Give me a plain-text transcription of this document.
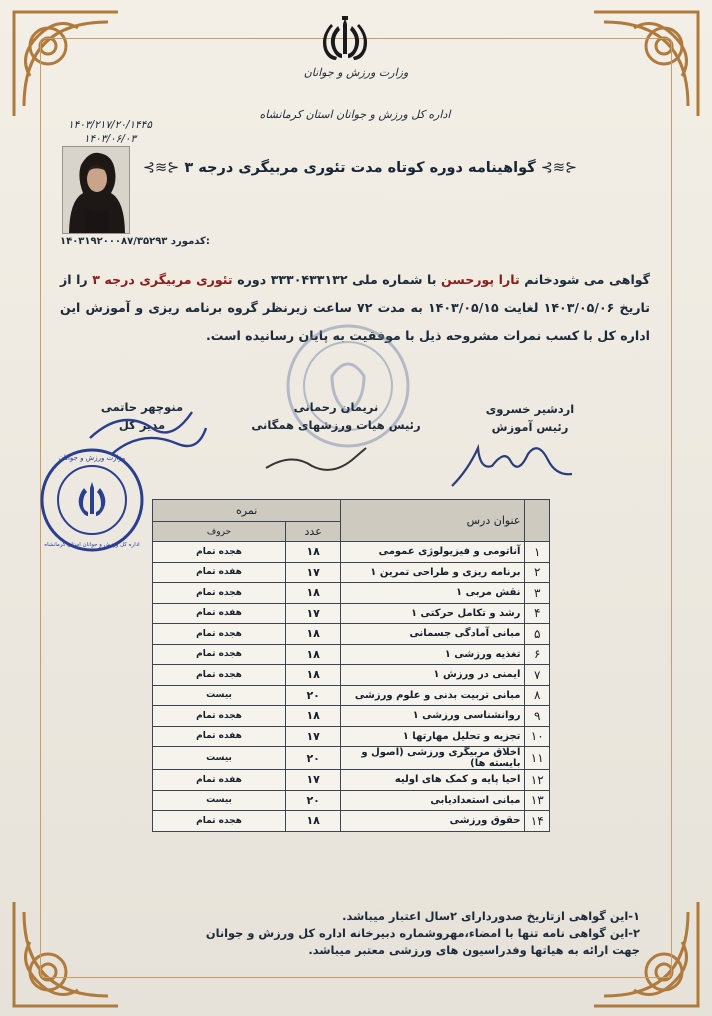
وزارت ورزش و جوانان
اداره کل ورزش و جوانان استان کرمانشاه
۱۴۰۳/۲۱۷/۲۰/۱۴۴۵
۱۴۰۳/۰۶/۰۳
۱۴۰۳۱۹۲۰۰۰۸۷/۳۵۲۹۳ کدمورد:
⊰≋⊱ گواهینامه دوره کوتاه مدت تئوری مربیگری درجه ۳ ⊰≋⊱
گواهی می شودخانم تارا پورحسن با شماره ملی ۳۳۳۰۴۳۳۱۳۲ دوره تئوری مربیگری درجه ۳ را از تاریخ ۱۴۰۳/۰۵/۰۶ لغایت ۱۴۰۳/۰۵/۱۵ به مدت ۷۲ ساعت زیرنظر گروه برنامه ریزی و آموزش این اداره کل با کسب نمرات مشروحه ذیل با موفقیت به پایان رسانیده است.
اردشیر خسروی
رئیس آموزش
نریمان رحمانی
رئیس هیات ورزشهای همگانی
منوچهر حاتمی
مدیر کل
وزارت ورزش و جوانان
اداره کل ورزش و جوانان استان کرمانشاه
	عنوان درس	نمره	
		عدد	حروف
۱	آناتومی و فیزیولوژی عمومی	۱۸	هجده تمام
۲	برنامه ریزی و طراحی تمرین ۱	۱۷	هفده تمام
۳	نقش مربی ۱	۱۸	هجده تمام
۴	رشد و تکامل حرکتی ۱	۱۷	هفده تمام
۵	مبانی آمادگی جسمانی	۱۸	هجده تمام
۶	تغذیه ورزشی ۱	۱۸	هجده تمام
۷	ایمنی در ورزش ۱	۱۸	هجده تمام
۸	مبانی تربیت بدنی و علوم ورزشی	۲۰	بیست
۹	روانشناسی ورزشی ۱	۱۸	هجده تمام
۱۰	تجزیه و تحلیل مهارتها ۱	۱۷	هفده تمام
۱۱	اخلاق مربیگری ورزشی (اصول و بایسته ها)	۲۰	بیست
۱۲	احیا پایه و کمک های اولیه	۱۷	هفده تمام
۱۳	مبانی استعدادیابی	۲۰	بیست
۱۴	حقوق ورزشی	۱۸	هجده تمام
۱-این گواهی ازتاریخ صدوردارای ۲سال اعتبار میباشد.
۲-این گواهی نامه تنها با امضاء،مهروشماره دبیرخانه اداره کل ورزش و جوانان
جهت ارائه به هیاتها وفدراسیون های ورزشی معتبر میباشد.
